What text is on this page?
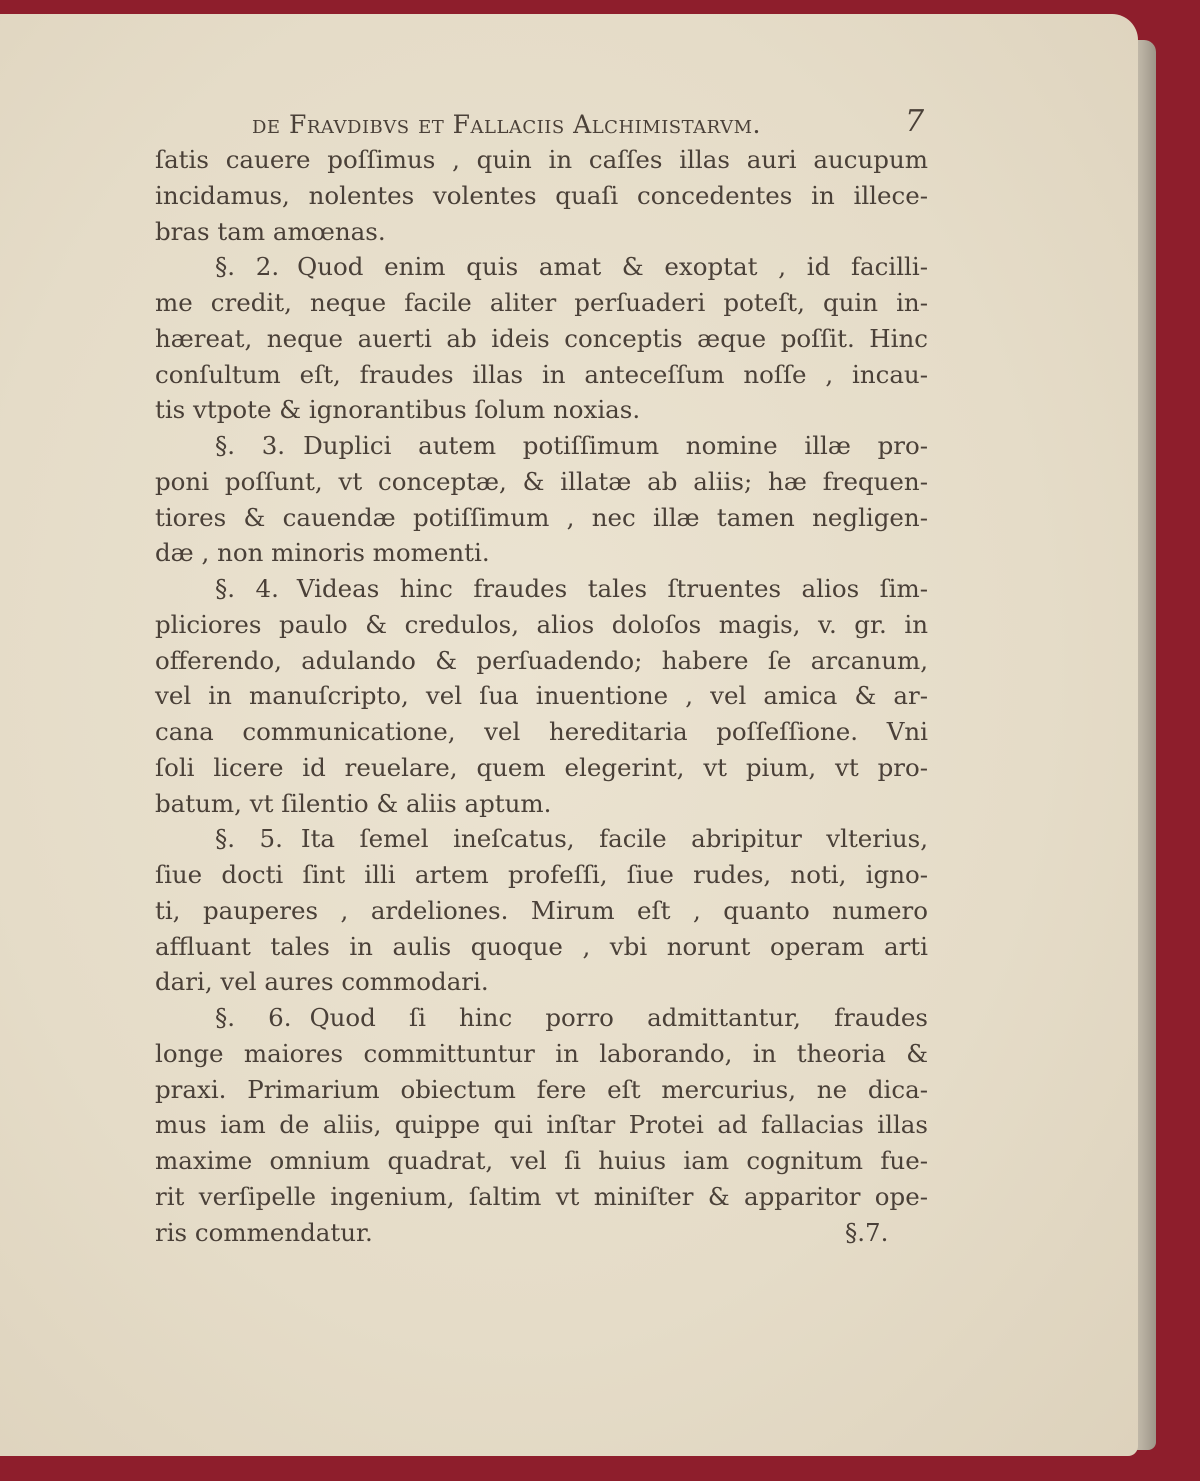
de Fravdibvs et Fallaciis Alchimistarvm.	7
§.7.
ſatis cauere poſſimus , quin in caſſes illas auri aucupum
incidamus, nolentes volentes quaſi concedentes in illece-
bras tam amœnas.
§. 2. Quod enim quis amat & exoptat , id facilli-
me credit, neque facile aliter perſuaderi poteſt, quin in-
hæreat, neque auerti ab ideis conceptis æque poſſit. Hinc
conſultum eſt, fraudes illas in anteceſſum noſſe , incau-
tis vtpote & ignorantibus ſolum noxias.
§. 3. Duplici autem potiſſimum nomine illæ pro-
poni poſſunt, vt conceptæ, & illatæ ab aliis; hæ frequen-
tiores & cauendæ potiſſimum , nec illæ tamen negligen-
dæ , non minoris momenti.
§. 4. Videas hinc fraudes tales ſtruentes alios ſim-
pliciores paulo & credulos, alios doloſos magis, v. gr. in
offerendo, adulando & perſuadendo; habere ſe arcanum,
vel in manuſcripto, vel ſua inuentione , vel amica & ar-
cana communicatione, vel hereditaria poſſeſſione. Vni
ſoli licere id reuelare, quem elegerint, vt pium, vt pro-
batum, vt ſilentio & aliis aptum.
§. 5. Ita ſemel ineſcatus, facile abripitur vlterius,
ſiue docti ſint illi artem profeſſi, ſiue rudes, noti, igno-
ti, pauperes , ardeliones. Mirum eſt , quanto numero
affluant tales in aulis quoque , vbi norunt operam arti
dari, vel aures commodari.
§. 6. Quod ſi hinc porro admittantur, fraudes
longe maiores committuntur in laborando, in theoria &
praxi. Primarium obiectum fere eſt mercurius, ne dica-
mus iam de aliis, quippe qui inſtar Protei ad fallacias illas
maxime omnium quadrat, vel ſi huius iam cognitum fue-
rit verſipelle ingenium, ſaltim vt miniſter & apparitor ope-
ris commendatur.
